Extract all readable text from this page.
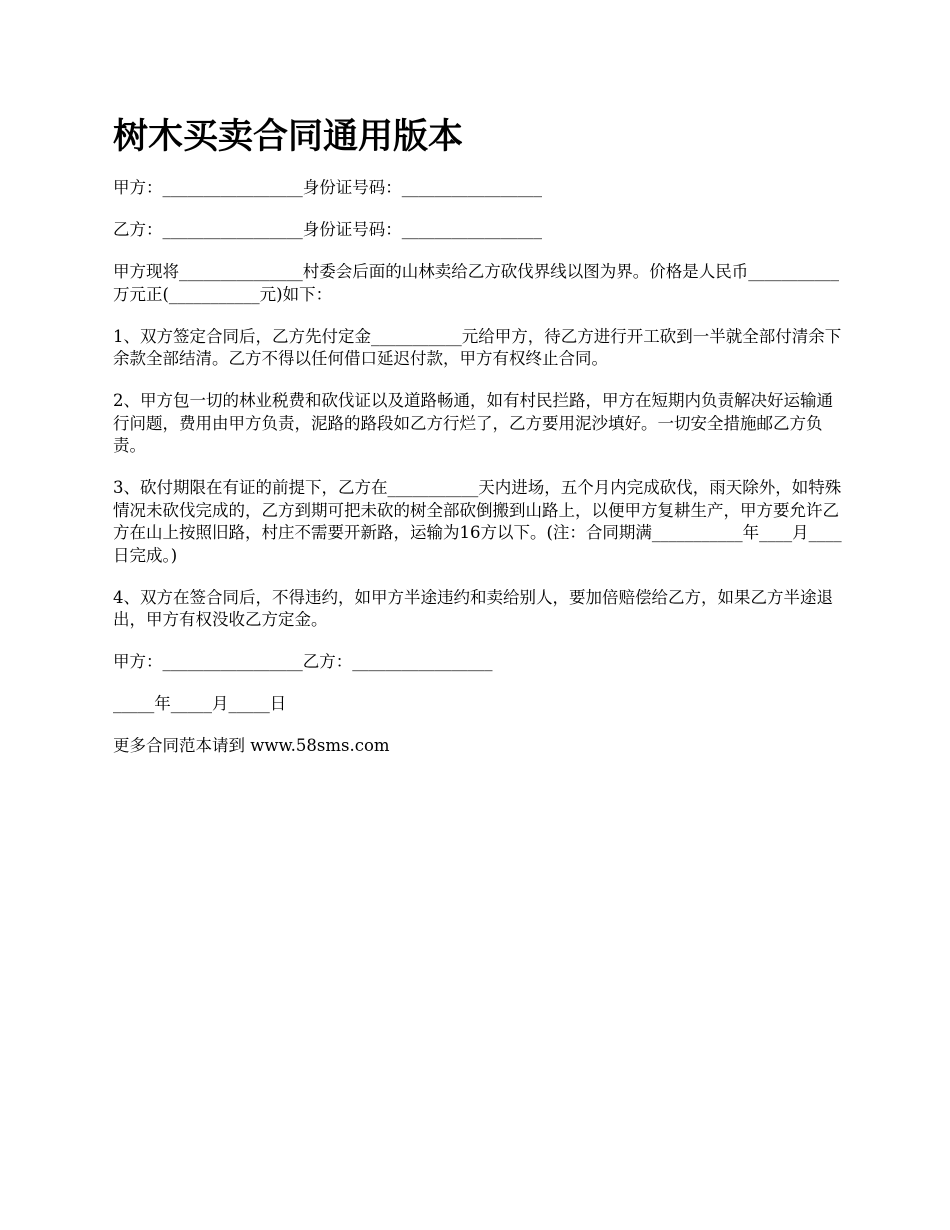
树木买卖合同通用版本

甲方：_________________身份证号码：_________________

乙方：_________________身份证号码：_________________

甲方现将_______________村委会后面的山林卖给乙方砍伐界线以图为界。价格是人民币___________万元正(___________元)如下：

1、双方签定合同后，乙方先付定金___________元给甲方，待乙方进行开工砍到一半就全部付清余下余款全部结清。乙方不得以任何借口延迟付款，甲方有权终止合同。

2、甲方包一切的林业税费和砍伐证以及道路畅通，如有村民拦路，甲方在短期内负责解决好运输通行问题，费用由甲方负责，泥路的路段如乙方行烂了，乙方要用泥沙填好。一切安全措施邮乙方负责。

3、砍付期限在有证的前提下，乙方在___________天内进场，五个月内完成砍伐，雨天除外，如特殊情况未砍伐完成的，乙方到期可把未砍的树全部砍倒搬到山路上，以便甲方复耕生产，甲方要允许乙方在山上按照旧路，村庄不需要开新路，运输为16方以下。(注：合同期满___________年____月____日完成。)

4、双方在签合同后，不得违约，如甲方半途违约和卖给别人，要加倍赔偿给乙方，如果乙方半途退出，甲方有权没收乙方定金。

甲方：_________________乙方：_________________

_____年_____月_____日

更多合同范本请到 www.58sms.com
